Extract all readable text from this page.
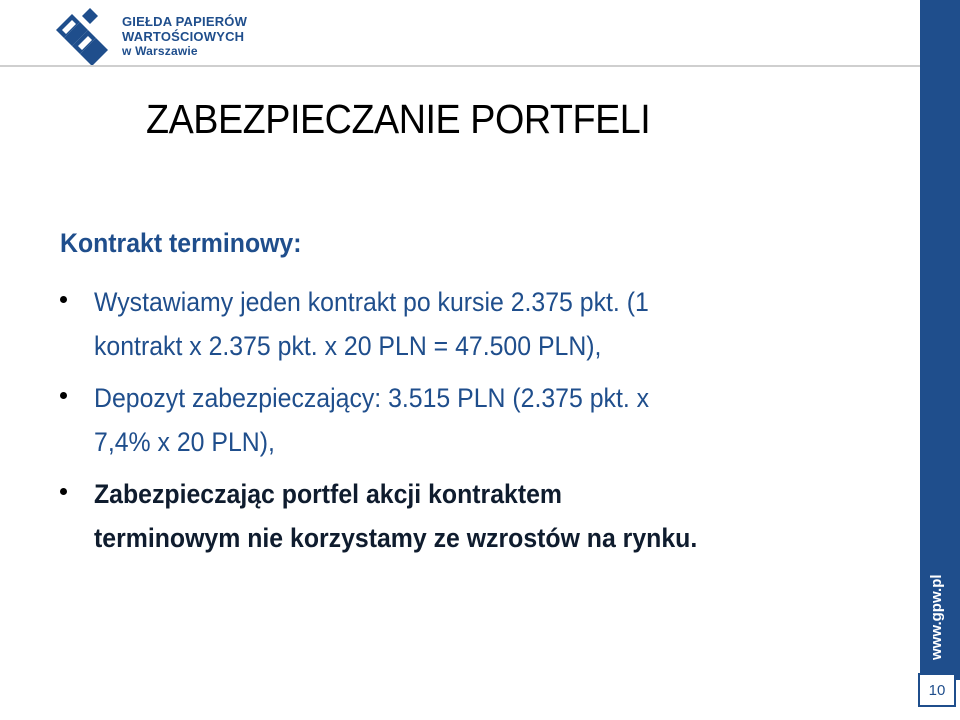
GIEŁDA PAPIERÓW
WARTOŚCIOWYCH
w Warszawie
ZABEZPIECZANIE PORTFELI
Kontrakt terminowy:
Wystawiamy jeden kontrakt po kursie 2.375 pkt. (1
kontrakt x 2.375 pkt. x 20 PLN = 47.500 PLN),
Depozyt zabezpieczający: 3.515 PLN (2.375 pkt. x
7,4% x 20 PLN),
Zabezpieczając portfel akcji kontraktem
terminowym nie korzystamy ze wzrostów na rynku.
www.gpw.pl
10
